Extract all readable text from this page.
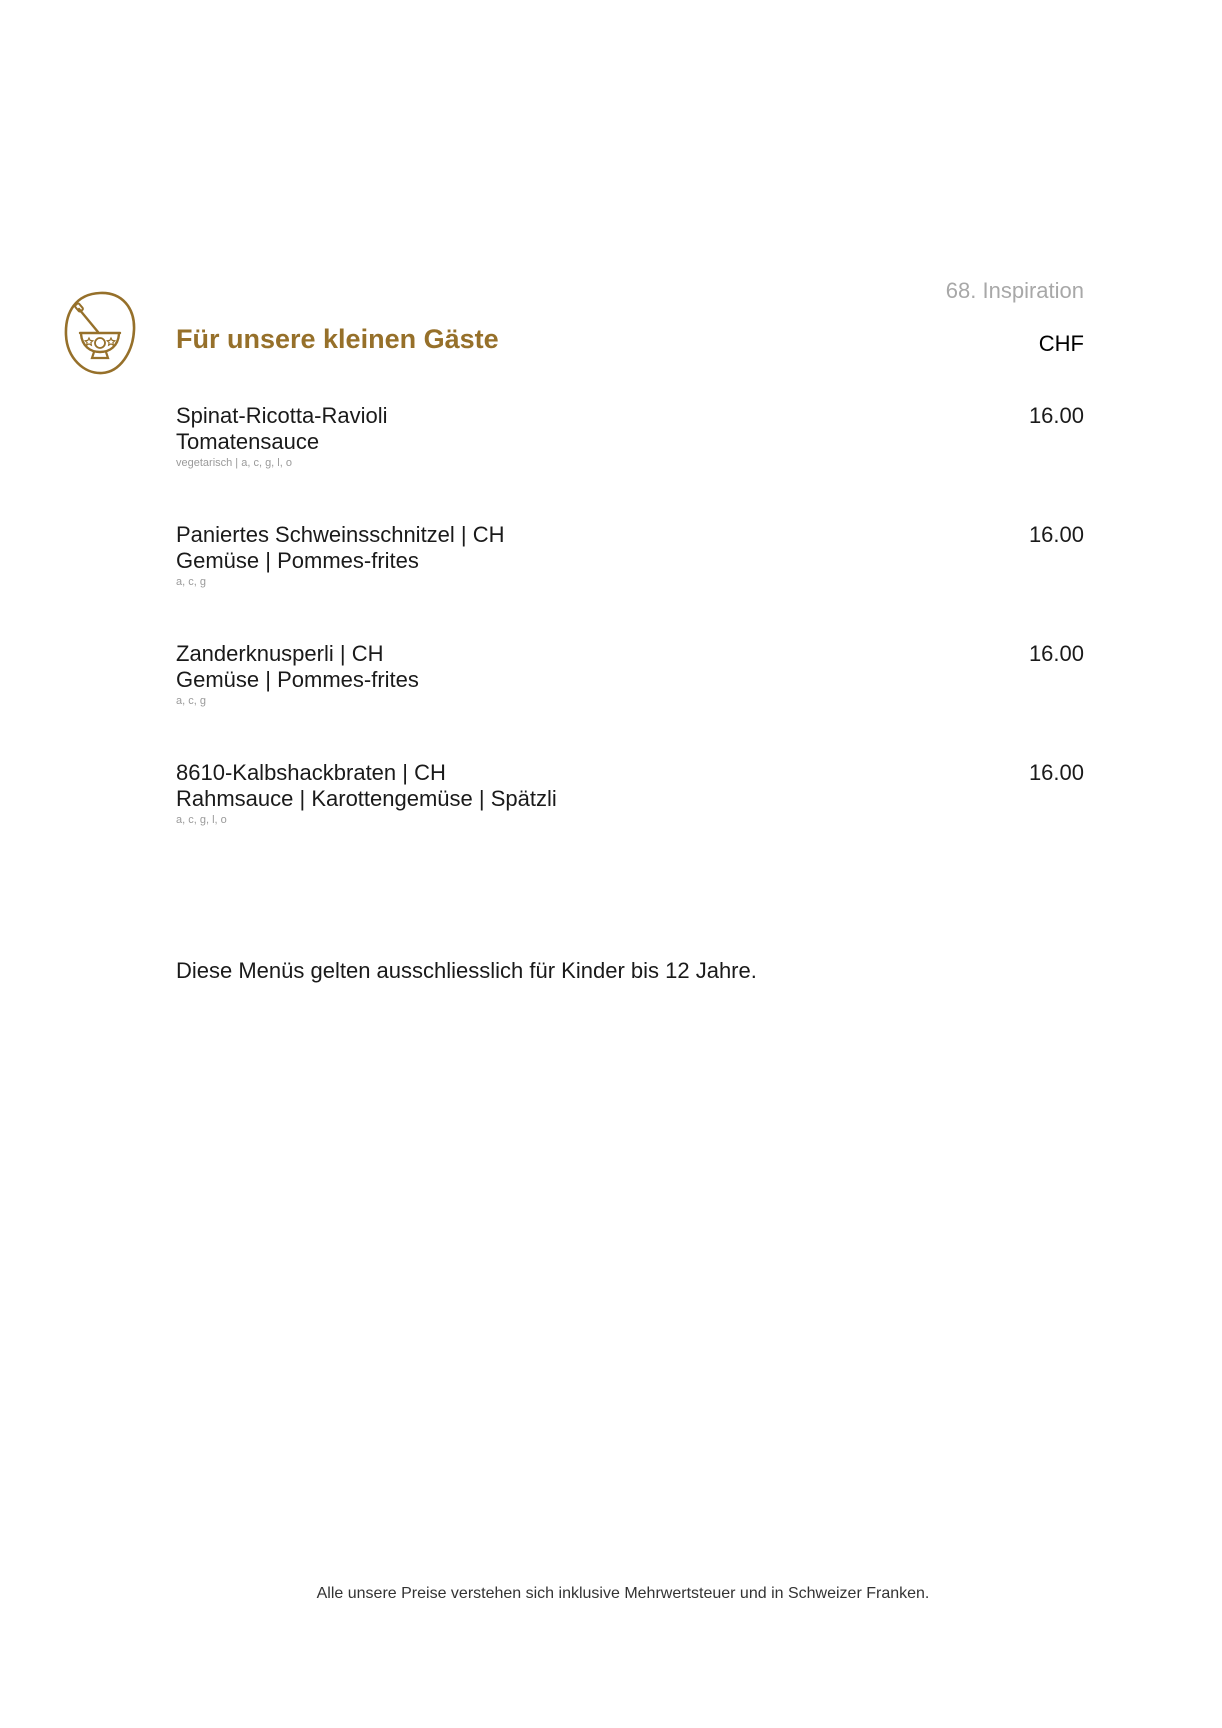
68. Inspiration
Für unsere kleinen Gäste	CHF
Spinat-Ricotta-Ravioli
Tomatensauce
vegetarisch | a, c, g, l, o
16.00
Paniertes Schweinsschnitzel | CH
Gemüse | Pommes-frites
a, c, g
16.00
Zanderknusperli | CH
Gemüse | Pommes-frites
a, c, g
16.00
8610-Kalbshackbraten | CH
Rahmsauce | Karottengemüse | Spätzli
a, c, g, l, o
16.00
Diese Menüs gelten ausschliesslich für Kinder bis 12 Jahre.
Alle unsere Preise verstehen sich inklusive Mehrwertsteuer und in Schweizer Franken.
